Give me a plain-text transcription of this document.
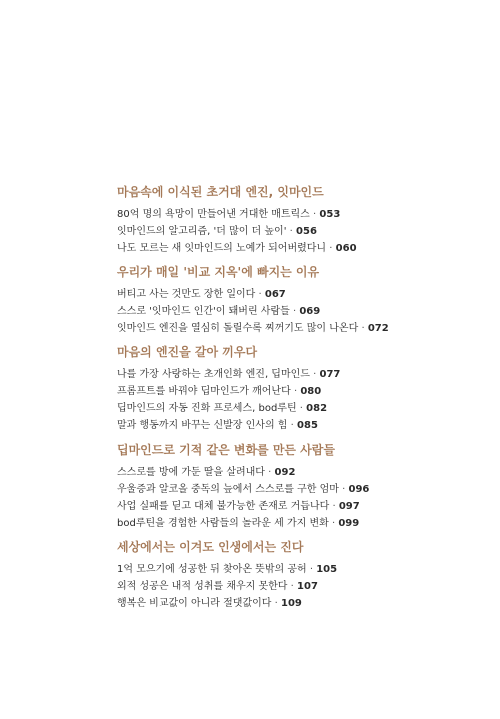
마음속에 이식된 초거대 엔진, 잇마인드
80억 명의 욕망이 만들어낸 거대한 매트릭스 · 053
잇마인드의 알고리즘, '더 많이 더 높이' · 056
나도 모르는 새 잇마인드의 노예가 되어버렸다니 · 060
우리가 매일 '비교 지옥'에 빠지는 이유
버티고 사는 것만도 장한 일이다 · 067
스스로 '잇마인드 인간'이 돼버린 사람들 · 069
잇마인드 엔진을 열심히 돌릴수록 찌꺼기도 많이 나온다 · 072
마음의 엔진을 갈아 끼우다
나를 가장 사랑하는 초개인화 엔진, 딥마인드 · 077
프롬프트를 바꿔야 딥마인드가 깨어난다 · 080
딥마인드의 자동 진화 프로세스, bod루틴 · 082
말과 행동까지 바꾸는 신발장 인사의 힘 · 085
딥마인드로 기적 같은 변화를 만든 사람들
스스로를 방에 가둔 딸을 살려내다 · 092
우울증과 알코올 중독의 늪에서 스스로를 구한 엄마 · 096
사업 실패를 딛고 대체 불가능한 존재로 거듭나다 · 097
bod루틴을 경험한 사람들의 놀라운 세 가지 변화 · 099
세상에서는 이겨도 인생에서는 진다
1억 모으기에 성공한 뒤 찾아온 뜻밖의 공허 · 105
외적 성공은 내적 성취를 채우지 못한다 · 107
행복은 비교값이 아니라 절댓값이다 · 109
